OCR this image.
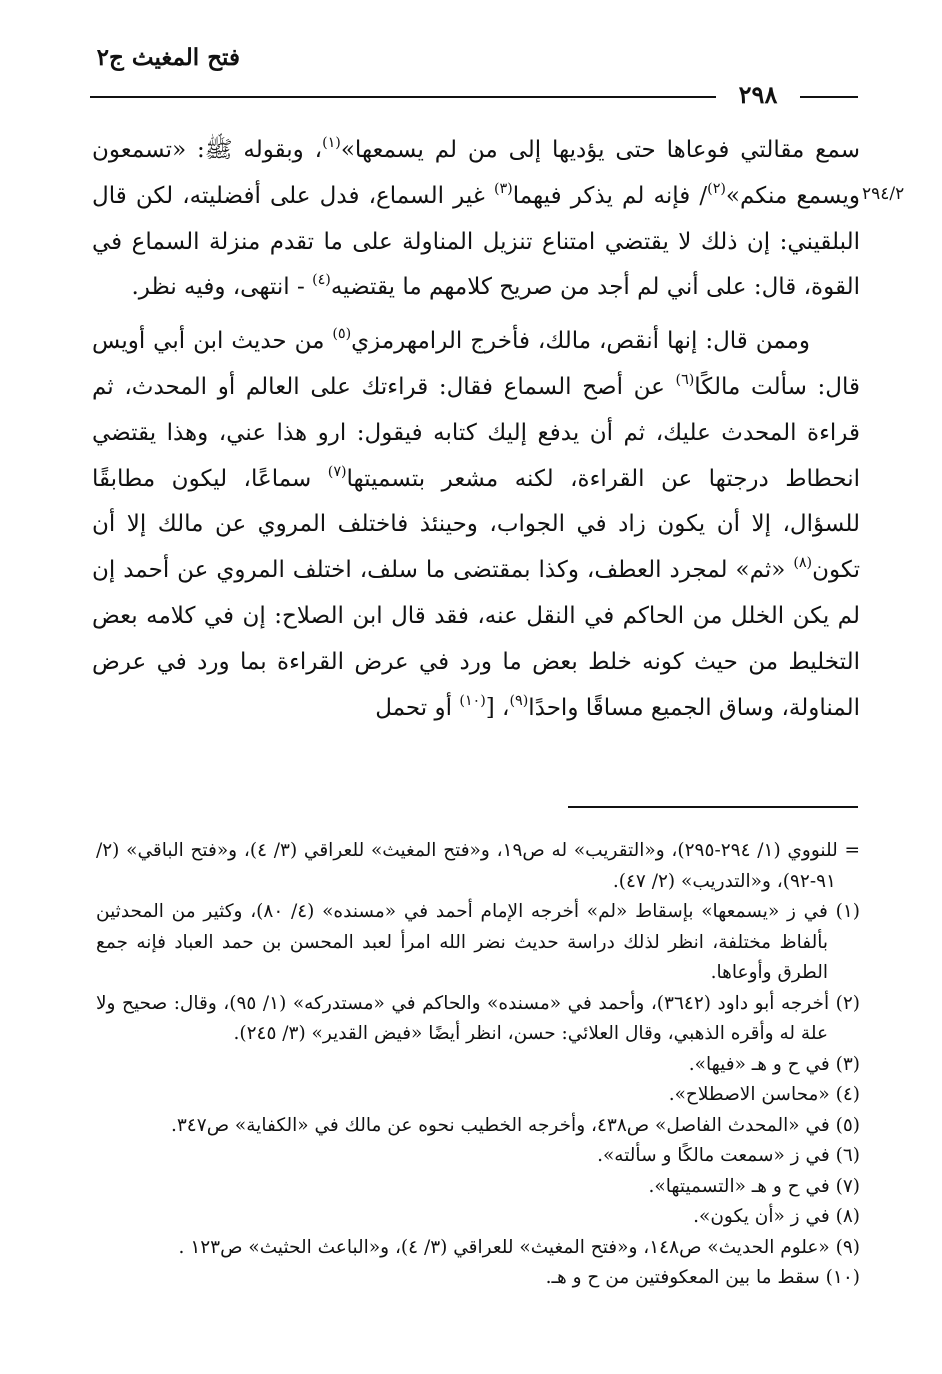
فتح المغيث ج٢
٢٩٨
٢٩٤/٢

سمع مقالتي فوعاها حتى يؤديها إلى من لم يسمعها»$^{(١)}$، وبقوله ﷺ: «تسمعون ويسمع منكم»$^{(٢)}$/ فإنه لم يذكر فيهما$^{(٣)}$ غير السماع، فدل على أفضليته، لكن قال البلقيني: إن ذلك لا يقتضي امتناع تنزيل المناولة على ما تقدم منزلة السماع في القوة، قال: على أني لم أجد من صريح كلامهم ما يقتضيه$^{(٤)}$ - انتهى، وفيه نظر.

وممن قال: إنها أنقص، مالك، فأخرج الرامهرمزي$^{(٥)}$ من حديث ابن أبي أويس قال: سألت مالكًا$^{(٦)}$ عن أصح السماع فقال: قراءتك على العالم أو المحدث، ثم قراءة المحدث عليك، ثم أن يدفع إليك كتابه فيقول: ارو هذا عني، وهذا يقتضي انحطاط درجتها عن القراءة، لكنه مشعر بتسميتها$^{(٧)}$ سماعًا، ليكون مطابقًا للسؤال، إلا أن يكون زاد في الجواب، وحينئذ فاختلف المروي عن مالك إلا أن تكون$^{(٨)}$ «ثم» لمجرد العطف، وكذا بمقتضى ما سلف، اختلف المروي عن أحمد إن لم يكن الخلل من الحاكم في النقل عنه، فقد قال ابن الصلاح: إن في كلامه بعض التخليط من حيث كونه خلط بعض ما ورد في عرض القراءة بما ورد في عرض المناولة، وساق الجميع مساقًا واحدًا$^{(٩)}$، [$^{(١٠)}$ أو تحمل

= للنووي (١/ ٢٩٤-٢٩٥)، و«التقريب» له ص١٩، و«فتح المغيث» للعراقي (٣/ ٤)، و«فتح الباقي» (٢/ ٩١-٩٢)، و«التدريب» (٢/ ٤٧).

(١) في ز «يسمعها» بإسقاط «لم» أخرجه الإمام أحمد في «مسنده» (٤/ ٨٠)، وكثير من المحدثين بألفاظ مختلفة، انظر لذلك دراسة حديث نضر الله امرأ لعبد المحسن بن حمد العباد فإنه جمع الطرق وأوعاها.

(٢) أخرجه أبو داود (٣٦٤٢)، وأحمد في «مسنده» والحاكم في «مستدركه» (١/ ٩٥)، وقال: صحيح ولا علة له وأقره الذهبي، وقال العلائي: حسن، انظر أيضًا «فيض القدير» (٣/ ٢٤٥).

(٣) في ح و هـ «فيها».

(٤) «محاسن الاصطلاح».

(٥) في «المحدث الفاصل» ص٤٣٨، وأخرجه الخطيب نحوه عن مالك في «الكفاية» ص٣٤٧.

(٦) في ز «سمعت مالكًا و سألته».

(٧) في ح و هـ «التسميتها».

(٨) في ز «أن يكون».

(٩) «علوم الحديث» ص١٤٨، و«فتح المغيث» للعراقي (٣/ ٤)، و«الباعث الحثيث» ص١٢٣ .

(١٠) سقط ما بين المعكوفتين من ح و هـ.
